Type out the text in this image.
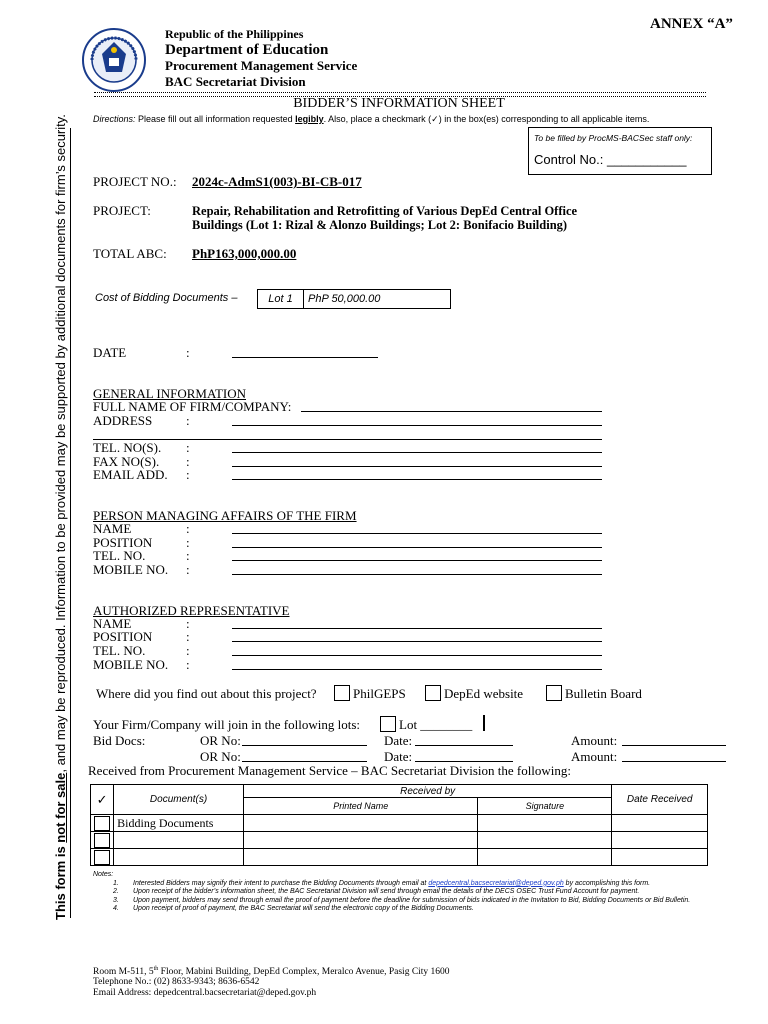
ANNEX “A”
Republic of the Philippines
Department of Education
Procurement Management Service
BAC Secretariat Division
BIDDER’S INFORMATION SHEET
Directions: Please fill out all information requested legibly. Also, place a checkmark (✓) in the box(es) corresponding to all applicable items.
To be filled by ProcMS-BACSec staff only:
Control No.: ___________
This form is not for sale, and may be reproduced. Information to be provided may be supported by additional documents for firm’s security. PROJECT NO.: 2024c-AdmS1(003)-BI-CB-017
PROJECT:	Repair, Rehabilitation and Retrofitting of Various DepEd Central Office
Buildings (Lot 1: Rizal & Alonzo Buildings; Lot 2: Bonifacio Building)
TOTAL ABC: PhP163,000,000.00
Cost of Bidding Documents –	Lot 1	PhP 50,000.00
DATE	:
GENERAL INFORMATION
FULL NAME OF FIRM/COMPANY:
ADDRESS	:
TEL. NO(S). :
FAX NO(S). :
EMAIL ADD. :
PERSON MANAGING AFFAIRS OF THE FIRM
NAME	:
POSITION	:
TEL. NO.	:
MOBILE NO. :
AUTHORIZED REPRESENTATIVE
NAME	:
POSITION	:
TEL. NO.	:
MOBILE NO. :
Where did you find out about this project?	PhilGEPS	DepEd website	Bulletin Board
Your Firm/Company will join in the following lots:	Lot ________
Bid Docs:	OR No:	Date:	Amount:
OR No:	Date:	Amount:
Received from Procurement Management Service – BAC Secretariat Division the following:
✓	Document(s)	Received by		Date Received
		Printed Name	Signature	

	Bidding Documents			

Notes:
1. Interested Bidders may signify their intent to purchase the Bidding Documents through email at depedcentral.bacsecretariat@deped.gov.ph by accomplishing this form.
2. Upon receipt of the bidder’s information sheet, the BAC Secretariat Division will send through email the details of the DECS OSEC Trust Fund Account for payment.
3. Upon payment, bidders may send through email the proof of payment before the deadline for submission of bids indicated in the Invitation to Bid, Bidding Documents or Bid Bulletin.
4. Upon receipt of proof of payment, the BAC Secretariat will send the electronic copy of the Bidding Documents.
Room M-511, 5th Floor, Mabini Building, DepEd Complex, Meralco Avenue, Pasig City 1600
Telephone No.: (02) 8633-9343; 8636-6542
Email Address: depedcentral.bacsecretariat@deped.gov.ph
